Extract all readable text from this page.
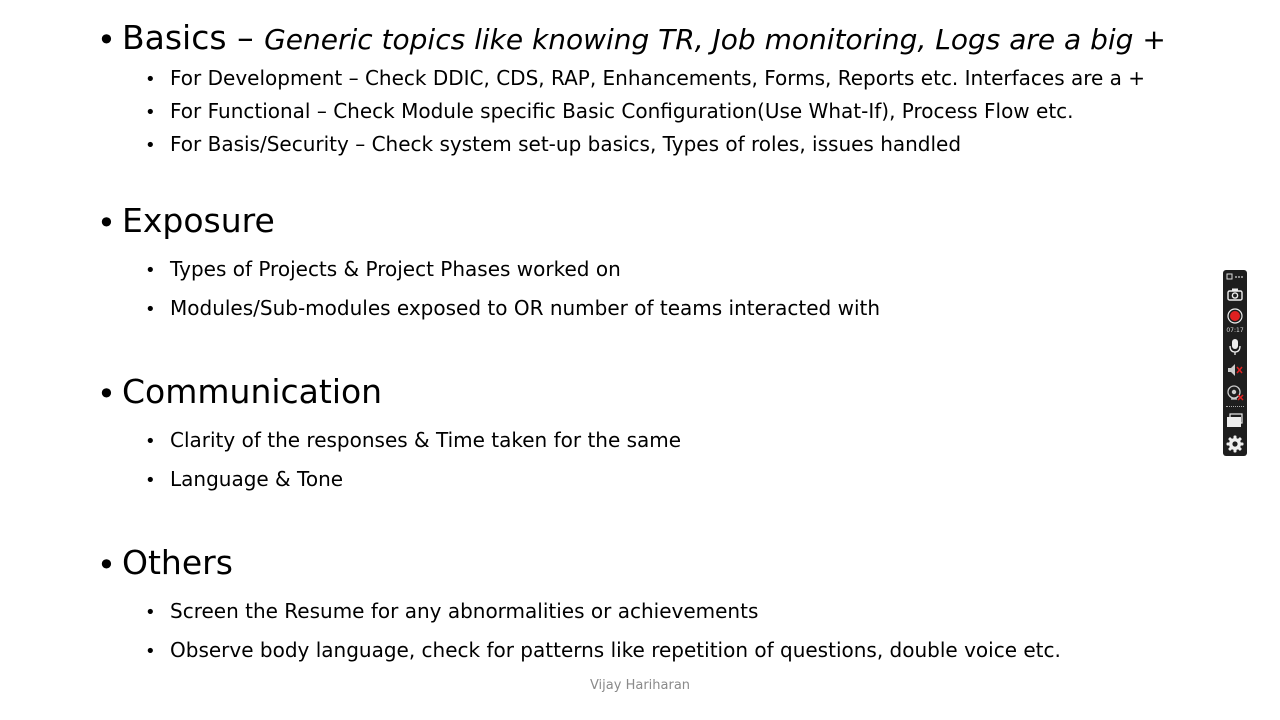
• Basics – Generic topics like knowing TR, Job monitoring, Logs are a big +
• For Development – Check DDIC, CDS, RAP, Enhancements, Forms, Reports etc. Interfaces are a +
• For Functional – Check Module specific Basic Configuration(Use What-If), Process Flow etc.
• For Basis/Security – Check system set-up basics, Types of roles, issues handled
• Exposure
• Types of Projects & Project Phases worked on
• Modules/Sub-modules exposed to OR number of teams interacted with
• Communication
• Clarity of the responses & Time taken for the same
• Language & Tone
• Others
• Screen the Resume for any abnormalities or achievements
• Observe body language, check for patterns like repetition of questions, double voice etc.
Vijay Hariharan
07:17
